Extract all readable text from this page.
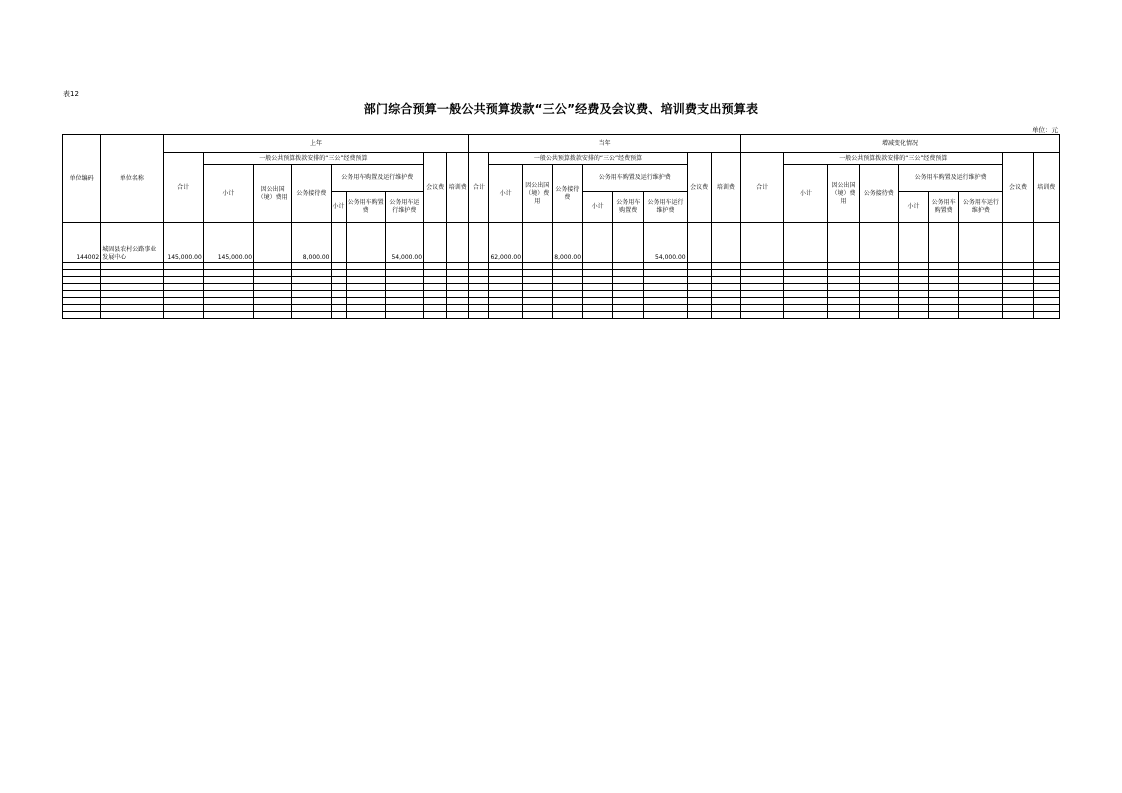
表12
部门综合预算一般公共预算拨款“三公”经费及会议费、培训费支出预算表
单位：元
单位编码	单位名称	上年									当年									增减变化情况								
		合计	一般公共预算拨款安排的“三公”经费预算						会议费	培训费	合计	一般公共预算拨款安排的“三公”经费预算						会议费	培训费	合计	一般公共预算拨款安排的“三公”经费预算						会议费	培训费
			小计	因公出国（境）费用	公务接待费	公务用车购置及运行维护费						小计	因公出国（境）费用	公务接待费	公务用车购置及运行维护费						小计	因公出国（境）费用	公务接待费	公务用车购置及运行维护费				
						小计	公务用车购置费	公务用车运行维护费							小计	公务用车购置费	公务用车运行维护费							小计	公务用车购置费	公务用车运行维护费		
144002	城固县农村公路事业发展中心	145,000.00	145,000.00		8,000.00			54,000.00				62,000.00		8,000.00			54,000.00											
